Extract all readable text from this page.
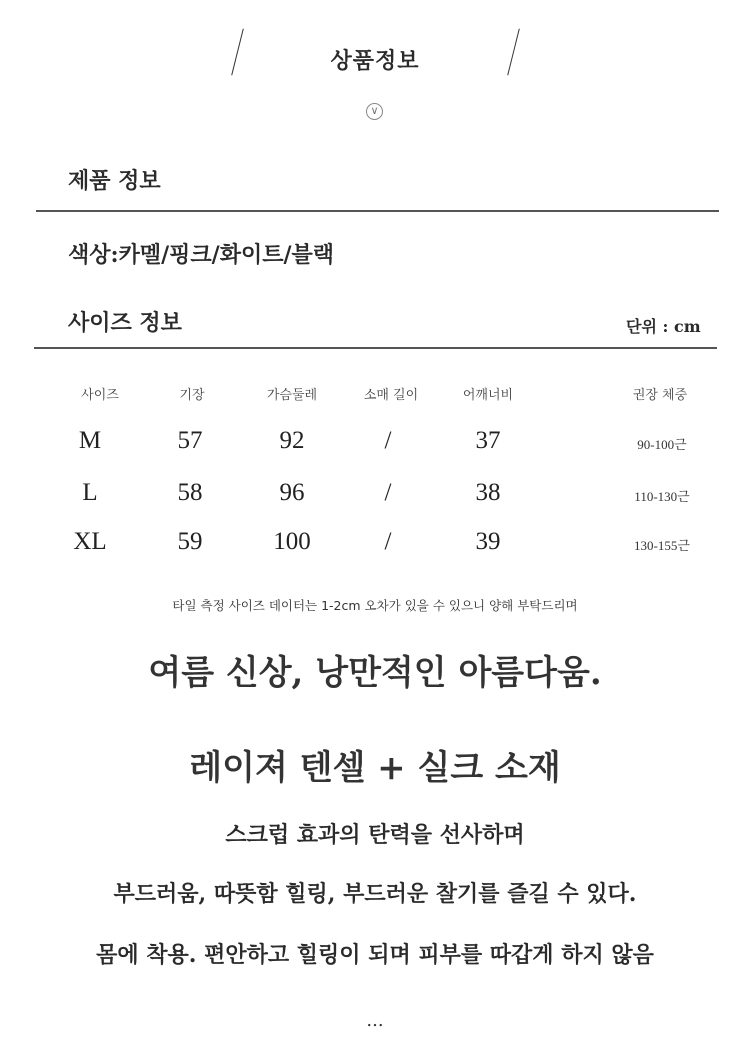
상품정보
∨
제품 정보
색상:카멜/핑크/화이트/블랙
사이즈 정보	단위 : cm
사이즈	기장	가슴둘레	소매 길이	어깨너비	권장 체중
M	57	92	/	37	90-100근
L	58	96	/	38	110-130근
XL	59	100	/	39	130-155근
타일 측정 사이즈 데이터는 1-2cm 오차가 있을 수 있으니 양해 부탁드리며
여름 신상, 낭만적인 아름다움.
레이져 텐셀 + 실크 소재
스크럽 효과의 탄력을 선사하며
부드러움, 따뜻함 힐링, 부드러운 찰기를 즐길 수 있다.
몸에 착용. 편안하고 힐링이 되며 피부를 따갑게 하지 않음
...
